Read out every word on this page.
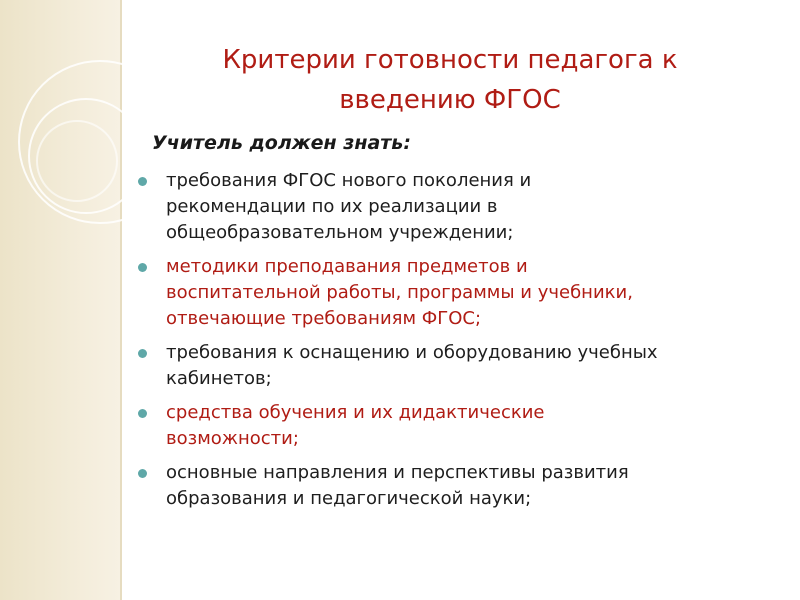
Критерии готовности педагога к
введению ФГОС
Учитель должен знать:
требования ФГОС нового поколения и
рекомендации по их реализации в
общеобразовательном учреждении;
методики преподавания предметов и
воспитательной работы, программы и учебники,
отвечающие требованиям ФГОС;
требования к оснащению и оборудованию учебных
кабинетов;
средства обучения и их дидактические
возможности;
основные направления и перспективы развития
образования и педагогической науки;
